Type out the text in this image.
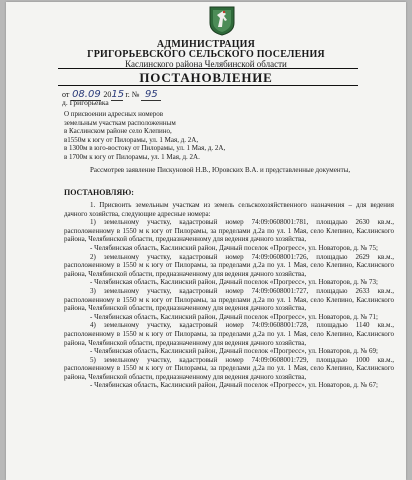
АДМИНИСТРАЦИЯ
ГРИГОРЬЕВСКОГО СЕЛЬСКОГО ПОСЕЛЕНИЯ
Каслинского района Челябинской области
ПОСТАНОВЛЕНИЕ
от 08.09 2015 г. № 95
д. Григорьевка
О присвоении адресных номеров
земельным участкам расположенным
в Каслинском районе село Клепино,
в1550м к югу от Пилорамы, ул. 1 Мая, д. 2А,
в 1300м в юго-востоку от Пилорамы, ул. 1 Мая, д. 2А,
в 1700м к югу от Пилорамы, ул. 1 Мая, д. 2А.
Рассмотрев заявление Пискуновой Н.В., Юровских В.А. и представленные документы,
ПОСТАНОВЛЯЮ:

1. Присвоить земельным участкам из земель сельскохозяйственного назначения – для ведения дачного хозяйства, следующие адресные номера:

1) земельному участку, кадастровый номер 74:09:0608001:781, площадью 2630 кв.м., расположенному в 1550 м к югу от Пилорамы, за пределами д.2а по ул. 1 Мая, село Клепино, Каслинского района, Челябинской области, предназначенному для ведения дачного хозяйства,

- Челябинская область, Каслинский район, Дачный поселок «Прогресс», ул. Новаторов, д. № 75;

2) земельному участку, кадастровый номер 74:09:0608001:726, площадью 2629 кв.м., расположенному в 1550 м к югу от Пилорамы, за пределами д.2а по ул. 1 Мая, село Клепино, Каслинского района, Челябинской области, предназначенному для ведения дачного хозяйства,

- Челябинская область, Каслинский район, Дачный поселок «Прогресс», ул. Новаторов, д. № 73;

3) земельному участку, кадастровый номер 74:09:0608001:727, площадью 2633 кв.м., расположенному в 1550 м к югу от Пилорамы, за пределами д.2а по ул. 1 Мая, село Клепино, Каслинского района, Челябинской области, предназначенному для ведения дачного хозяйства,

- Челябинская область, Каслинский район, Дачный поселок «Прогресс», ул. Новаторов, д. № 71;

4) земельному участку, кадастровый номер 74:09:0608001:728, площадью 1140 кв.м., расположенному в 1550 м к югу от Пилорамы, за пределами д.2а по ул. 1 Мая, село Клепино, Каслинского района, Челябинской области, предназначенному для ведения дачного хозяйства,

- Челябинская область, Каслинский район, Дачный поселок «Прогресс», ул. Новаторов, д. № 69;

5) земельному участку, кадастровый номер 74:09:0608001:729, площадью 1000 кв.м., расположенному в 1550 м к югу от Пилорамы, за пределами д.2а по ул. 1 Мая, село Клепино, Каслинского района, Челябинской области, предназначенному для ведения дачного хозяйства,

- Челябинская область, Каслинский район, Дачный поселок «Прогресс», ул. Новаторов, д. № 67;
